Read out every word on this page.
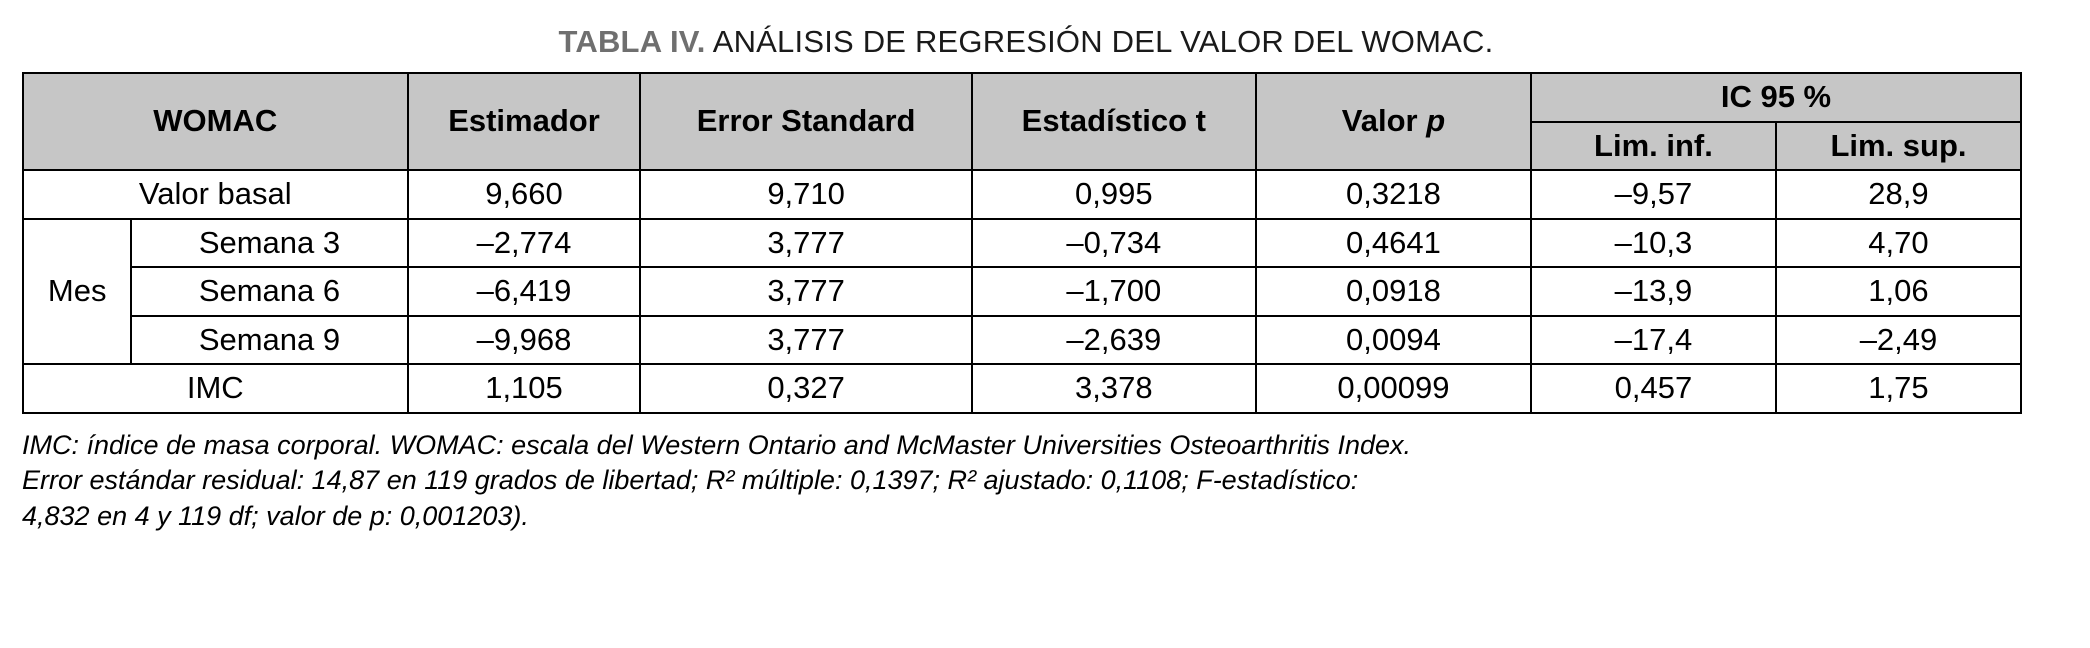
TABLA IV. ANÁLISIS DE REGRESIÓN DEL VALOR DEL WOMAC.
WOMAC		Estimador	Error Standard	Estadístico t	Valor p	IC 95 %	
						Lim. inf.	Lim. sup.
Valor basal		9,660	9,710	0,995	0,3218	–9,57	28,9
Mes	Semana 3	–2,774	3,777	–0,734	0,4641	–10,3	4,70
	Semana 6	–6,419	3,777	–1,700	0,0918	–13,9	1,06
	Semana 9	–9,968	3,777	–2,639	0,0094	–17,4	–2,49
IMC		1,105	0,327	3,378	0,00099	0,457	1,75

IMC: índice de masa corporal. WOMAC: escala del Western Ontario and McMaster Universities Osteoarthritis Index.

Error estándar residual: 14,87 en 119 grados de libertad; R² múltiple: 0,1397; R² ajustado: 0,1108; F-estadístico:

4,832 en 4 y 119 df; valor de p: 0,001203).
